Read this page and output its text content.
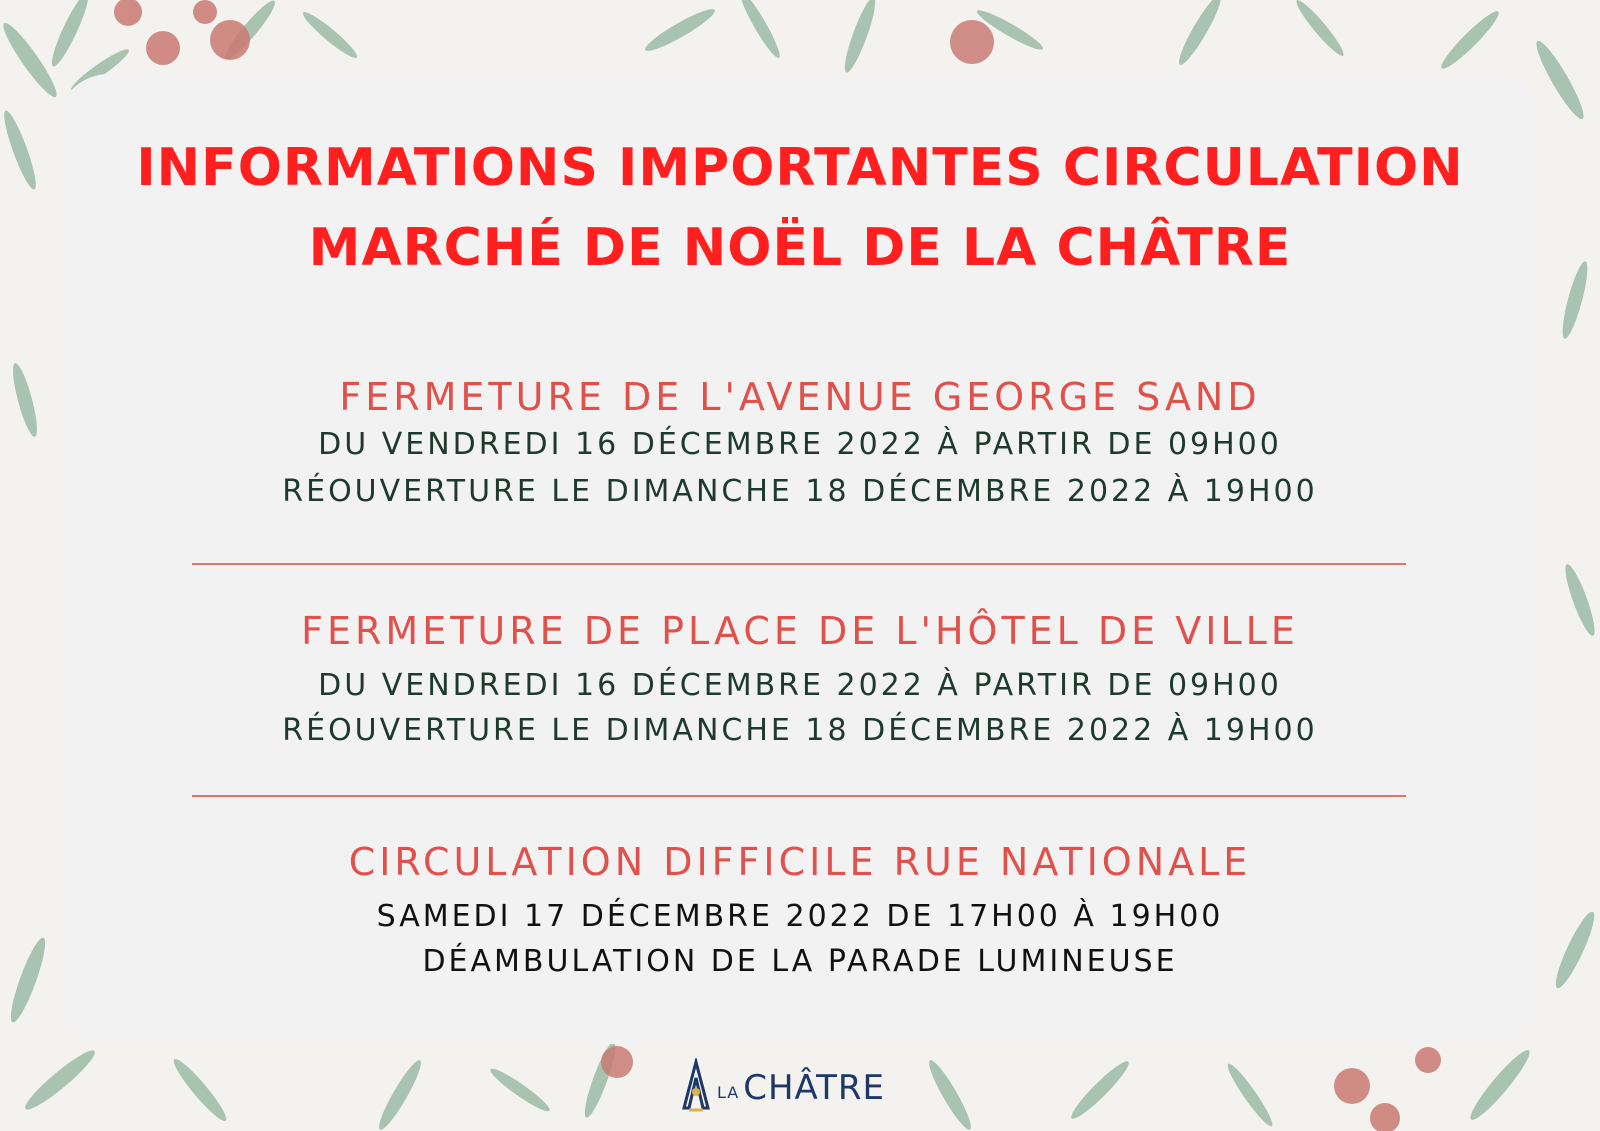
INFORMATIONS IMPORTANTES CIRCULATION
MARCHÉ DE NOËL DE LA CHÂTRE

FERMETURE DE L'AVENUE GEORGE SAND

DU VENDREDI 16 DÉCEMBRE 2022 À PARTIR DE 09H00

RÉOUVERTURE LE DIMANCHE 18 DÉCEMBRE 2022 À 19H00

FERMETURE DE PLACE DE L'HÔTEL DE VILLE

DU VENDREDI 16 DÉCEMBRE 2022 À PARTIR DE 09H00

RÉOUVERTURE LE DIMANCHE 18 DÉCEMBRE 2022 À 19H00

CIRCULATION DIFFICILE RUE NATIONALE

SAMEDI 17 DÉCEMBRE 2022 DE 17H00 À 19H00

DÉAMBULATION DE LA PARADE LUMINEUSE

LA CHÂTRE
